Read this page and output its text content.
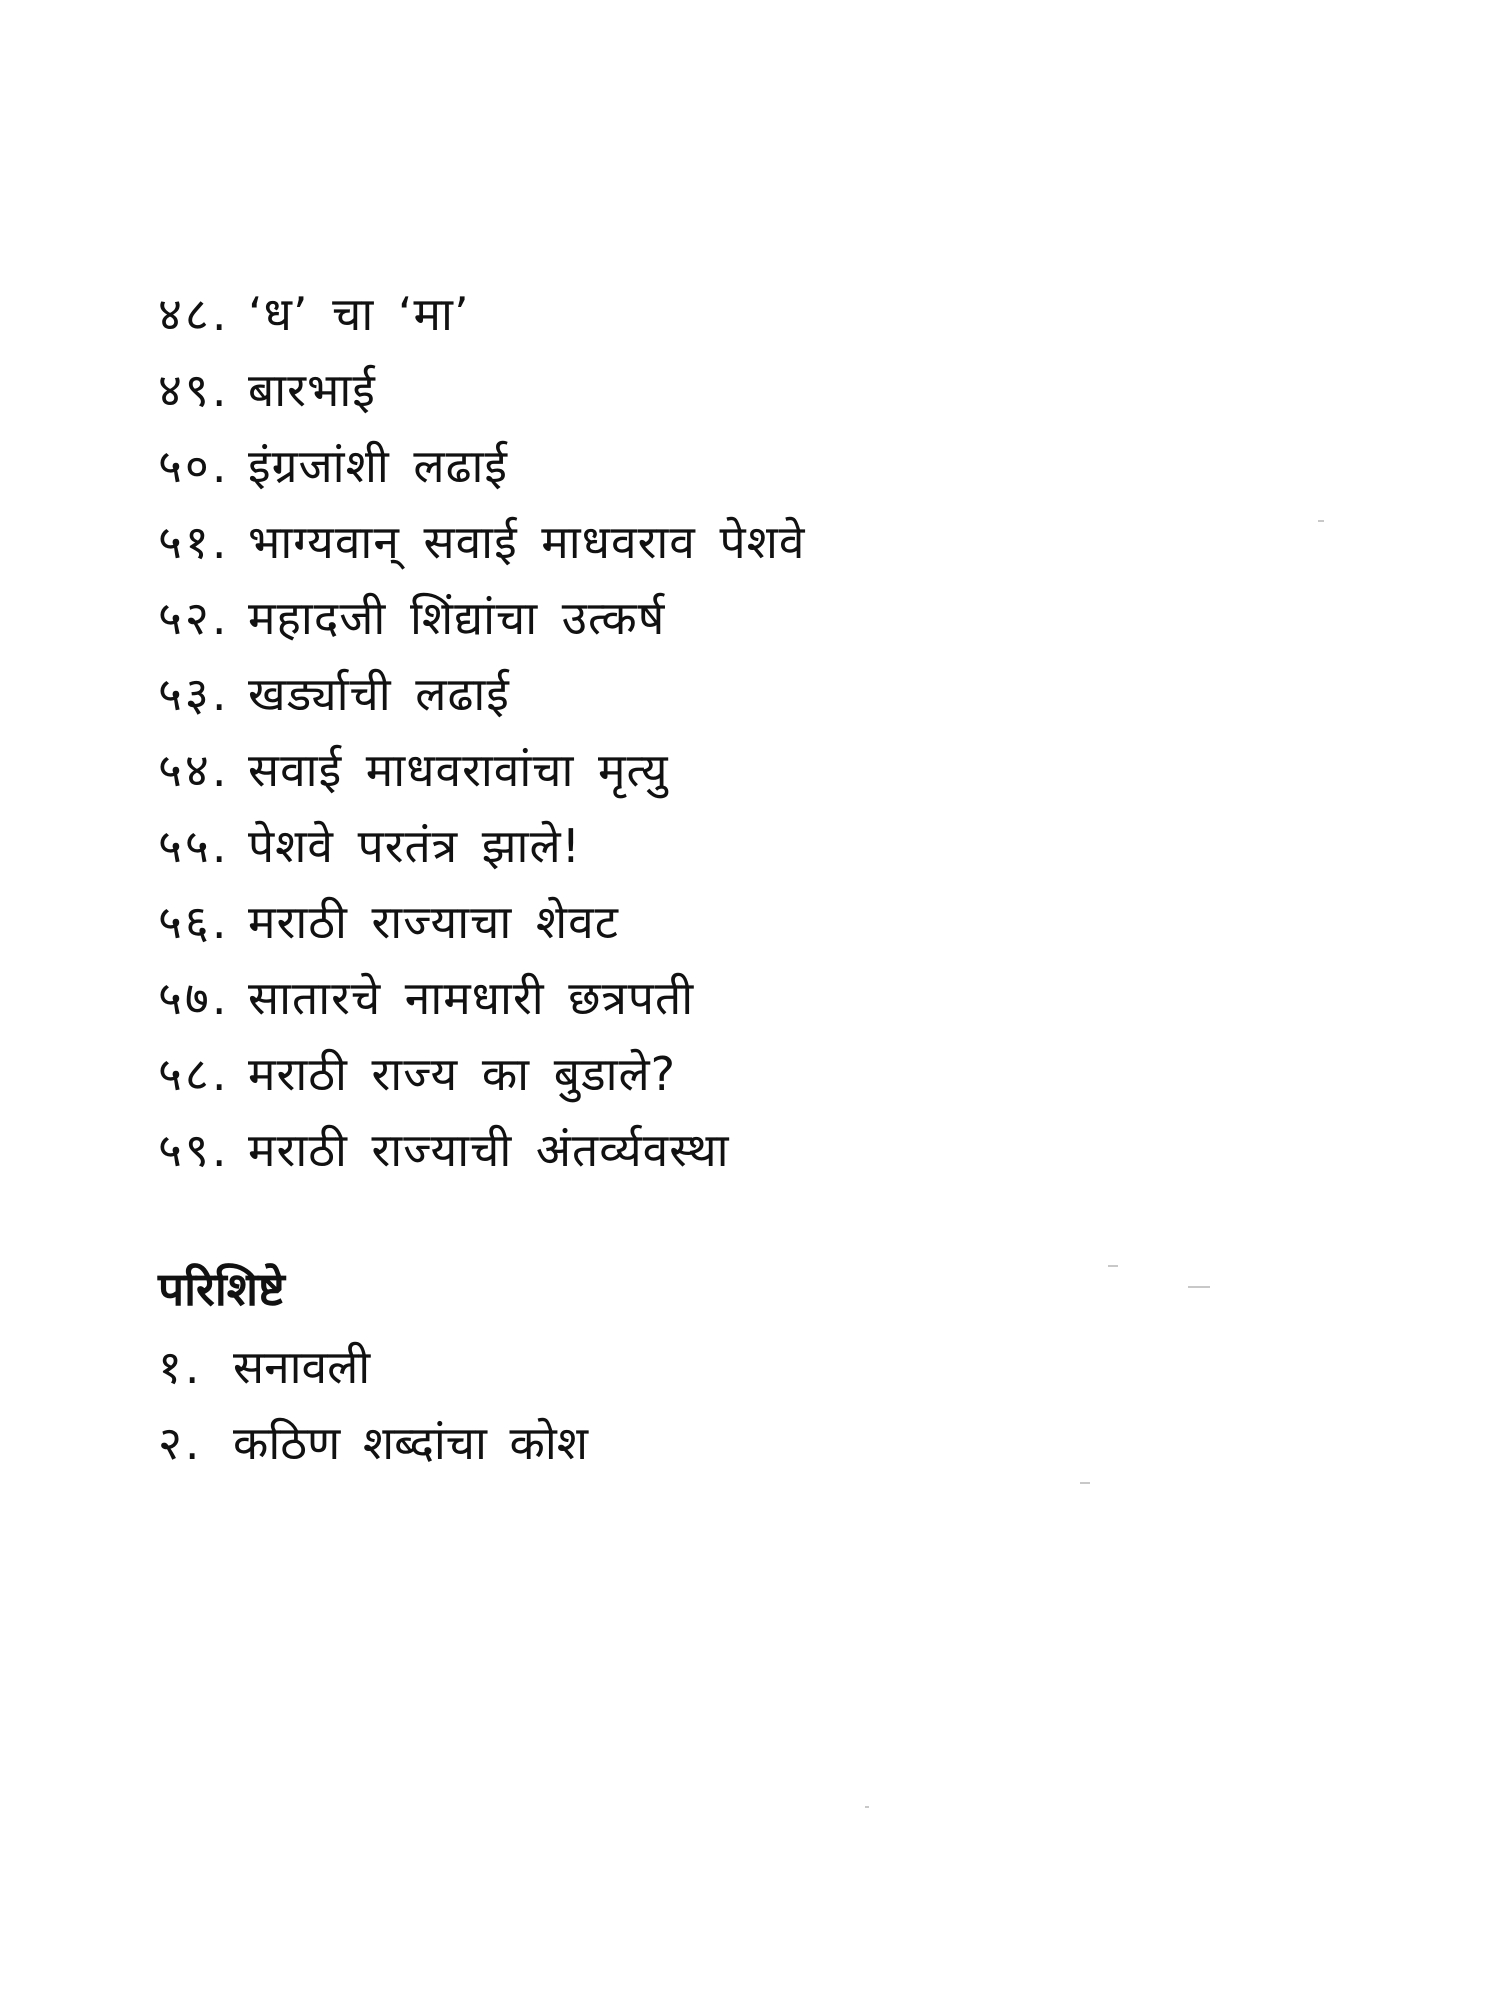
४८. ‘ध’ चा ‘मा’
४९. बारभाई
५०. इंग्रजांशी लढाई
५१. भाग्यवान् सवाई माधवराव पेशवे
५२. महादजी शिंद्यांचा उत्कर्ष
५३. खर्ड्याची लढाई
५४. सवाई माधवरावांचा मृत्यु
५५. पेशवे परतंत्र झाले!
५६. मराठी राज्याचा शेवट
५७. सातारचे नामधारी छत्रपती
५८. मराठी राज्य का बुडाले?
५९. मराठी राज्याची अंतर्व्यवस्था
परिशिष्टे
१. सनावली
२. कठिण शब्दांचा कोश
